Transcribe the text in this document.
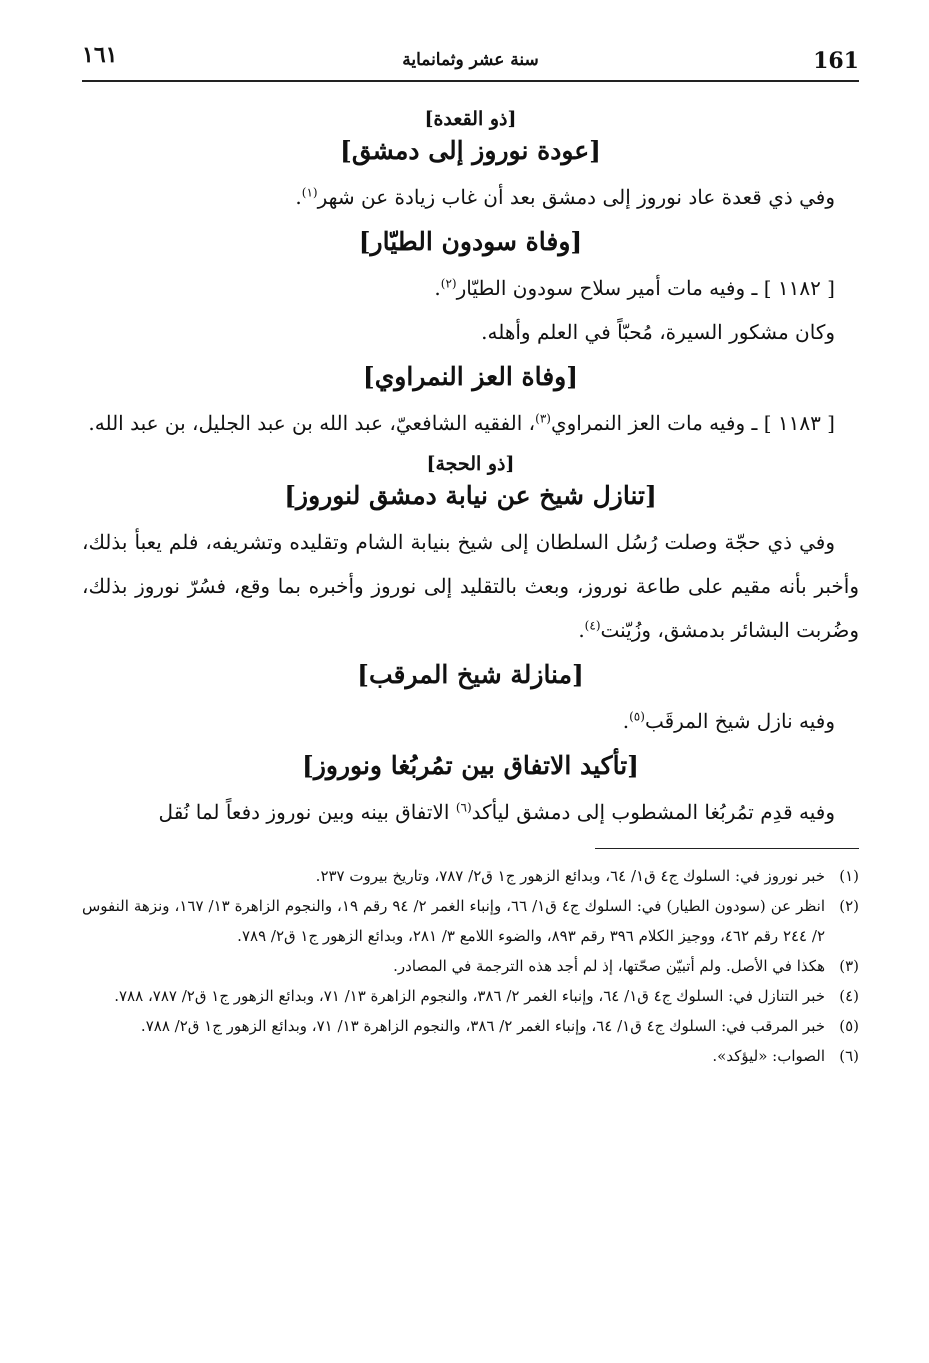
161
سنة عشر وثمانماية
١٦١
[ذو القعدة]
[عودة نوروز إلى دمشق]

وفي ذي قعدة عاد نوروز إلى دمشق بعد أن غاب زيادة عن شهر$^{(١)}$.

[وفاة سودون الطيّار]

[ ١١٨٢ ] ـ وفيه مات أمير سلاح سودون الطيّار$^{(٢)}$.

وكان مشكور السيرة، مُحبّاً في العلم وأهله.

[وفاة العز النمراوي]

[ ١١٨٣ ] ـ وفيه مات العز النمراوي$^{(٣)}$، الفقيه الشافعيّ، عبد الله بن عبد الجليل، بن عبد الله.

[ذو الحجة]
[تنازل شيخ عن نيابة دمشق لنوروز]

وفي ذي حجّة وصلت رُسُل السلطان إلى شيخ بنيابة الشام وتقليده وتشريفه، فلم يعبأ بذلك، وأخبر بأنه مقيم على طاعة نوروز، وبعث بالتقليد إلى نوروز وأخبره بما وقع، فسُرّ نوروز بذلك، وضُربت البشائر بدمشق، وزُيّنت$^{(٤)}$.

[منازلة شيخ المرقب]

وفيه نازل شيخ المرقَب$^{(٥)}$.

[تأكيد الاتفاق بين تمُربُغا ونوروز]

وفيه قدِم تمُربُغا المشطوب إلى دمشق ليأكد$^{(٦)}$ الاتفاق بينه وبين نوروز دفعاً لما نُقل

(١)
خبر نوروز في: السلوك ج٤ ق١/ ٦٤، وبدائع الزهور ج١ ق٢/ ٧٨٧، وتاريخ بيروت ٢٣٧.
(٢)
انظر عن (سودون الطيار) في: السلوك ج٤ ق١/ ٦٦، وإنباء الغمر ٢/ ٩٤ رقم ١٩، والنجوم الزاهرة ١٣/ ١٦٧، ونزهة النفوس ٢/ ٢٤٤ رقم ٤٦٢، ووجيز الكلام ٣٩٦ رقم ٨٩٣، والضوء اللامع ٣/ ٢٨١، وبدائع الزهور ج١ ق٢/ ٧٨٩.
(٣)
هكذا في الأصل. ولم أتبيّن صحّتها، إذ لم أجد هذه الترجمة في المصادر.
(٤)
خبر التنازل في: السلوك ج٤ ق١/ ٦٤، وإنباء الغمر ٢/ ٣٨٦، والنجوم الزاهرة ١٣/ ٧١، وبدائع الزهور ج١ ق٢/ ٧٨٧، ٧٨٨.
(٥)
خبر المرقب في: السلوك ج٤ ق١/ ٦٤، وإنباء الغمر ٢/ ٣٨٦، والنجوم الزاهرة ١٣/ ٧١، وبدائع الزهور ج١ ق٢/ ٧٨٨.
(٦)
الصواب: «ليؤكد».
